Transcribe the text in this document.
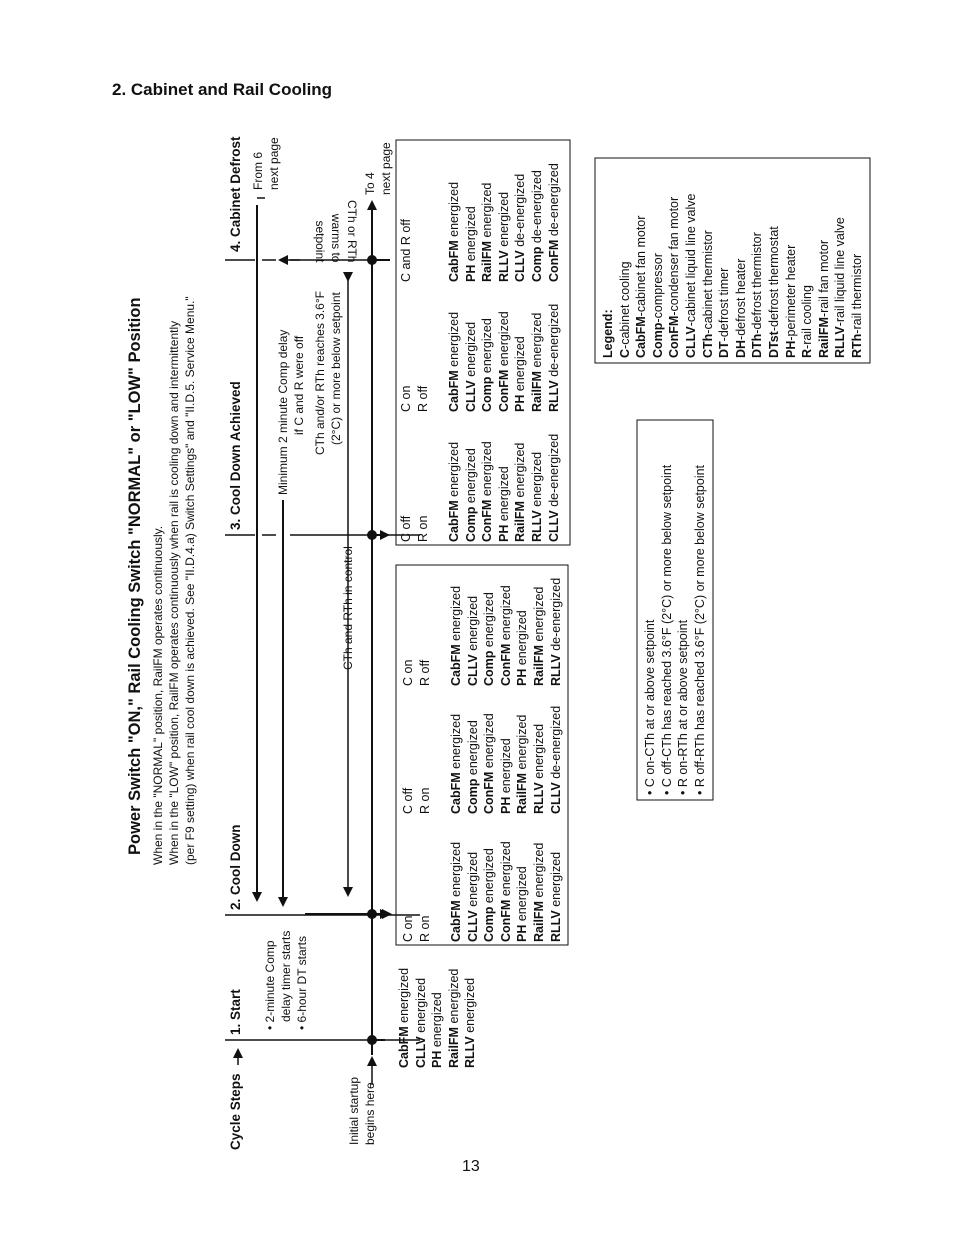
2. Cabinet and Rail Cooling
13
Power Switch "ON," Rail Cooling Switch "NORMAL" or "LOW" Position When in the "NORMAL" position, RailFM operates continuously. When in the "LOW" position, RailFM operates continuously when rail is cooling down and intermittently (per F9 setting) when rail cool down is achieved. See "II.D.4.a) Switch Settings" and "II.D.5. Service Menu."
Cycle Steps
1. Start
2. Cool Down
3. Cool Down Achieved
4. Cabinet Defrost
• 2-minute Comp delay timer starts • 6-hour DT starts
Initial startup begins here
CTh and RTh in control
Minimum 2 minute Comp delay if C and R were off CTh and/or RTh reaches 3.6°F (2°C) or more below setpoint
CTh or RTh
warms to
setpoint
From 6 next page	To 4 next page
CabFM energized
CLLV energized
PH energized
RailFM energized
RLLV energized
C on R on CabFM energized
CLLV energized
Comp energized
ConFM energized
PH energized RailFM energized
RLLV energized
C off R on CabFM energized
Comp energized
ConFM energized
PH energized RailFM energized
RLLV energized
CLLV de-energized
C on R off CabFM energized
CLLV energized
Comp energized
ConFM energized
PH energized RailFM energized
RLLV de-energized
C off R on CabFM energized
Comp energized
ConFM energized
PH energized RailFM energized
RLLV energized
CLLV de-energized
C on R off CabFM energized
CLLV energized
Comp energized
ConFM energized
PH energized RailFM energized
RLLV de-energized
C and R off	CabFM energized
PH energized RailFM energized
RLLV energized
CLLV de-energized
Comp de-energized
ConFM de-energized
• C on-CTh at or above setpoint • C off-CTh has reached 3.6°F (2°C) or more below setpoint • R on-RTh at or above setpoint • R off-RTh has reached 3.6°F (2°C) or more below setpoint
Legend: C-cabinet cooling CabFM-cabinet fan motor
Comp-compressor
ConFM-condenser fan motor
CLLV-cabinet liquid line valve
CTh-cabinet thermistor
DT-defrost timer
DH-defrost heater
DTh-defrost thermistor
DTst-defrost thermostat
PH-perimeter heater
R-rail cooling RailFM-rail fan motor
RLLV-rail liquid line valve
RTh-rail thermistor
